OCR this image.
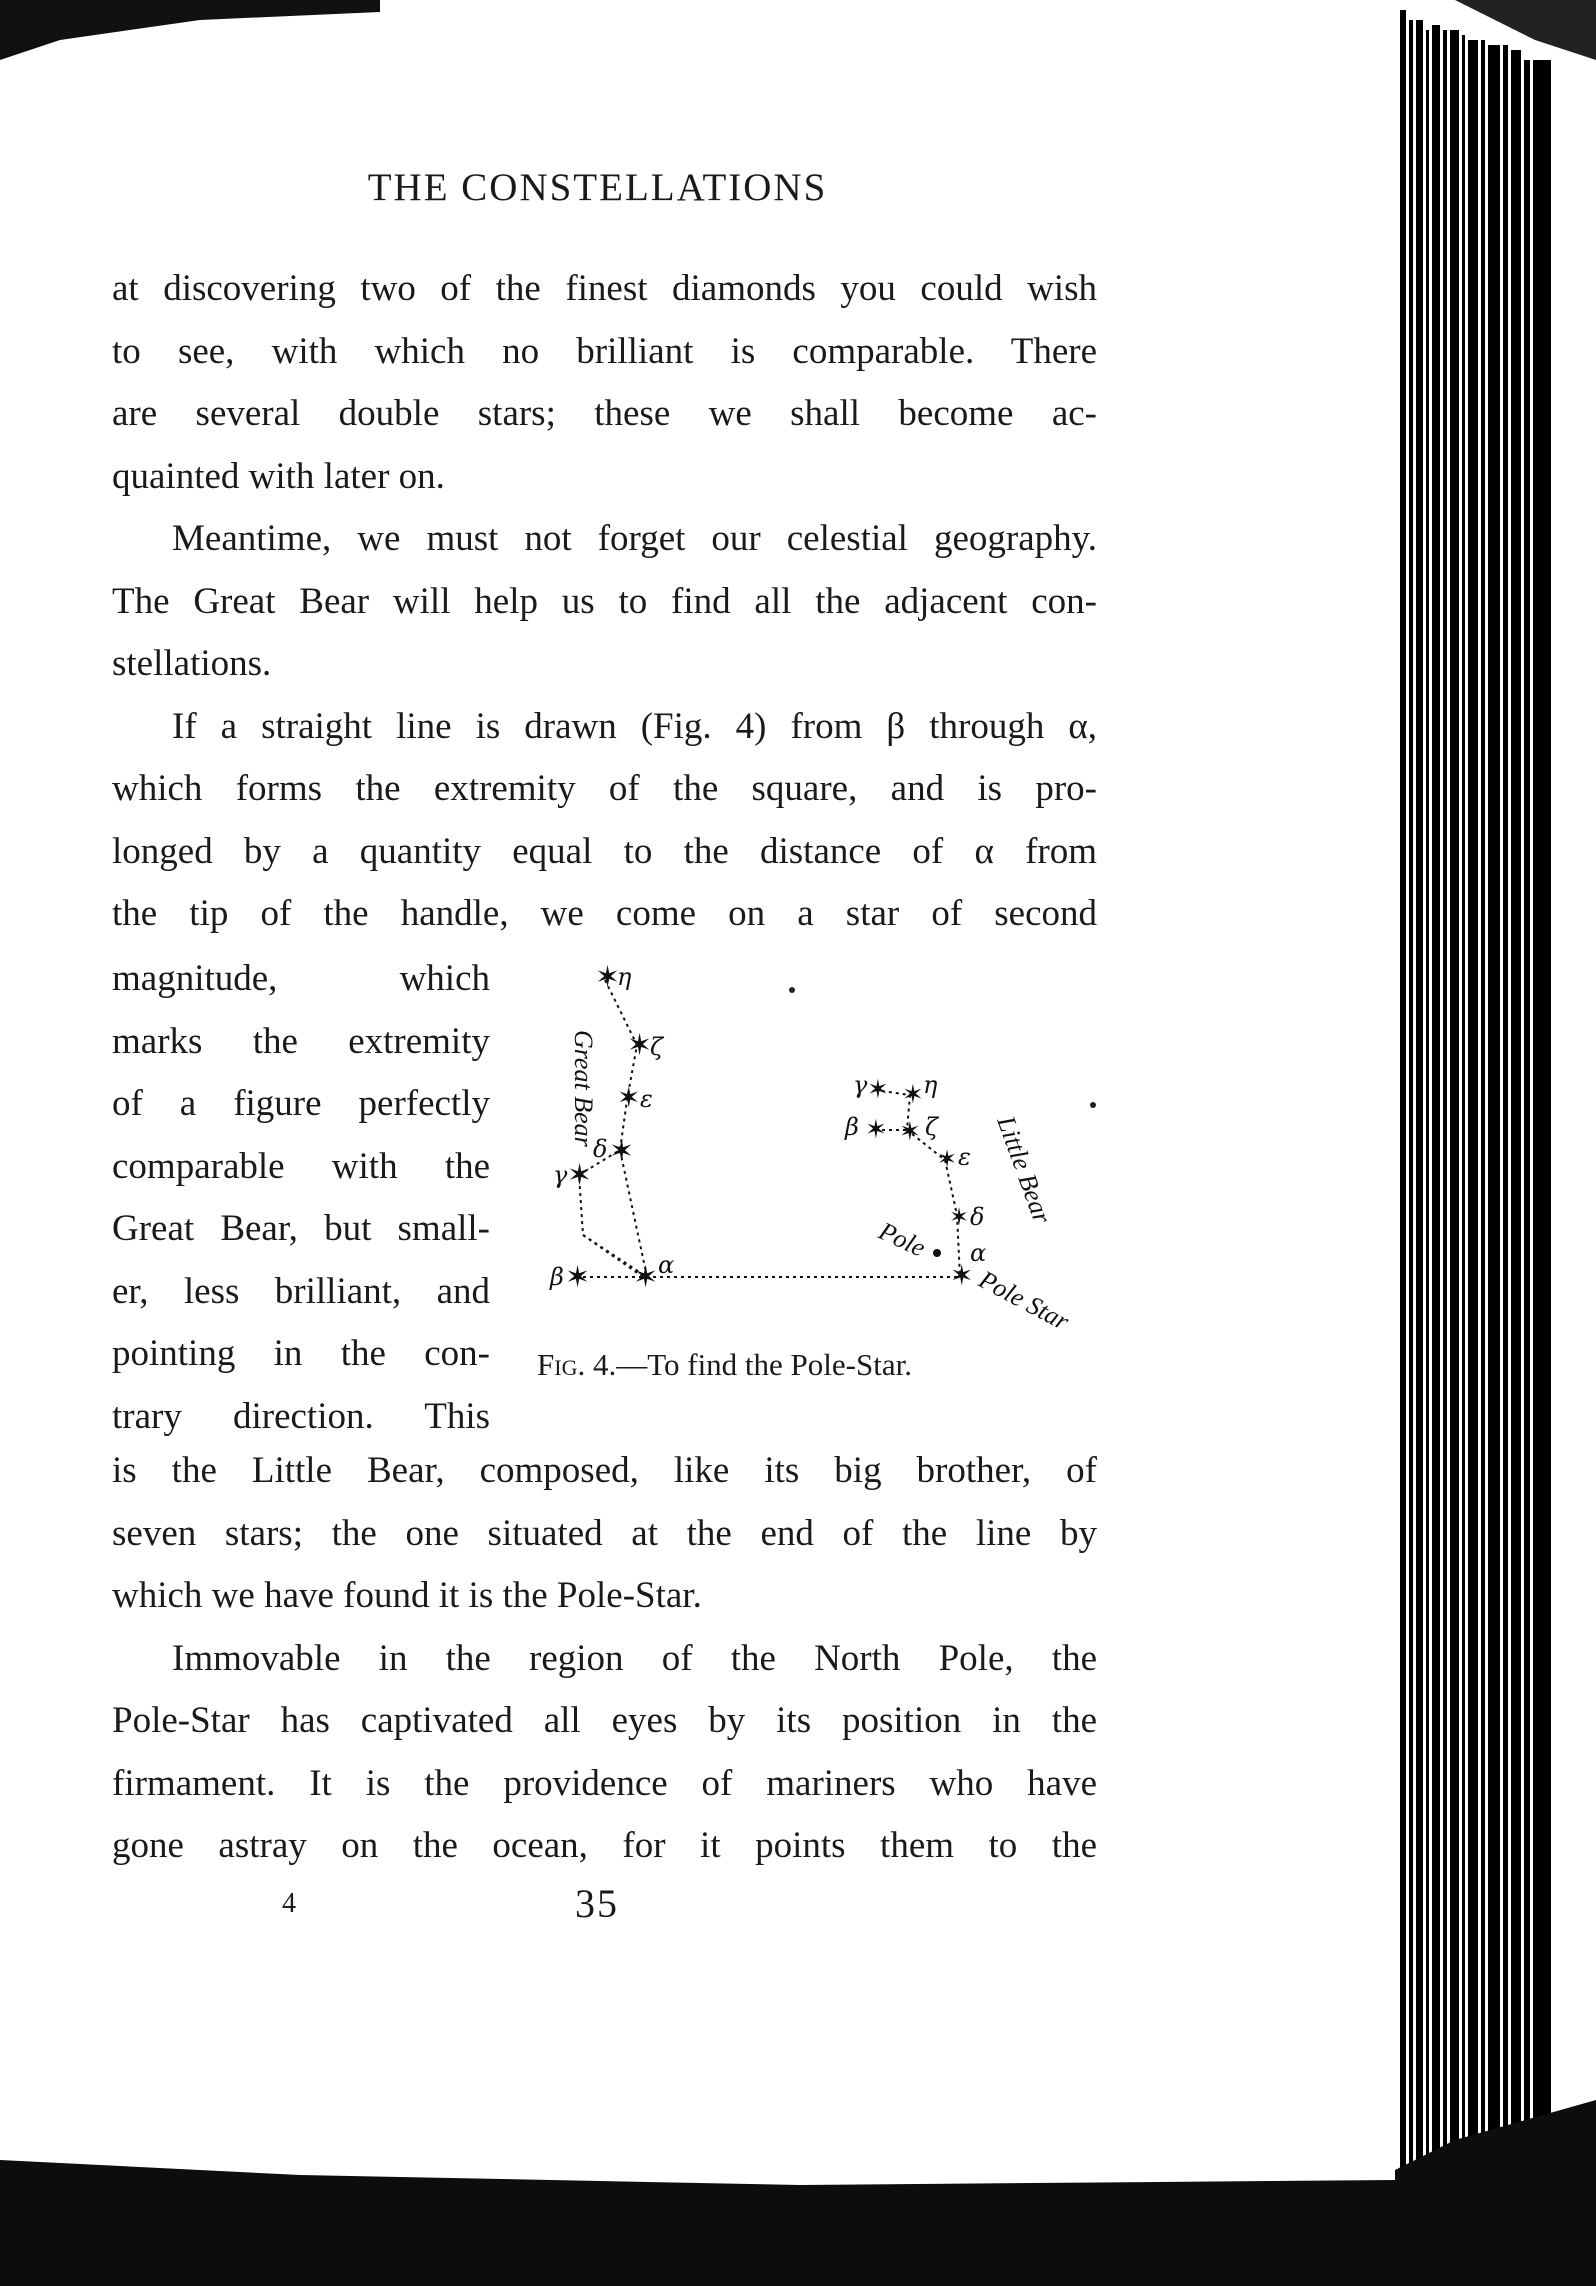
THE CONSTELLATIONS
at discovering two of the finest diamonds you could wish
to see, with which no brilliant is comparable. There
are several double stars; these we shall become ac-
quainted with later on.
Meantime, we must not forget our celestial geography.
The Great Bear will help us to find all the adjacent con-
stellations.
If a straight line is drawn (Fig. 4) from β through α,
which forms the extremity of the square, and is pro-
longed by a quantity equal to the distance of α from
the tip of the handle, we come on a star of second
magnitude, which
marks the extremity
of a figure perfectly
comparable with the
Great Bear, but small-
er, less brilliant, and
pointing in the con-
trary direction. This
✶
✶
✶
✶
✶
✶ ✶
η
ζ
ε
δ
γ
β	α
Great Bear	✶ ✶
✶ ✶
✶
✶
✶
γ η
β	ζ
ε
δ
α
Little Bear
Pole
Pole Star
Fig. 4.—To find the Pole-Star.
is the Little Bear, composed, like its big brother, of
seven stars; the one situated at the end of the line by
which we have found it is the Pole-Star.
Immovable in the region of the North Pole, the
Pole-Star has captivated all eyes by its position in the
firmament. It is the providence of mariners who have
gone astray on the ocean, for it points them to the
4	35
